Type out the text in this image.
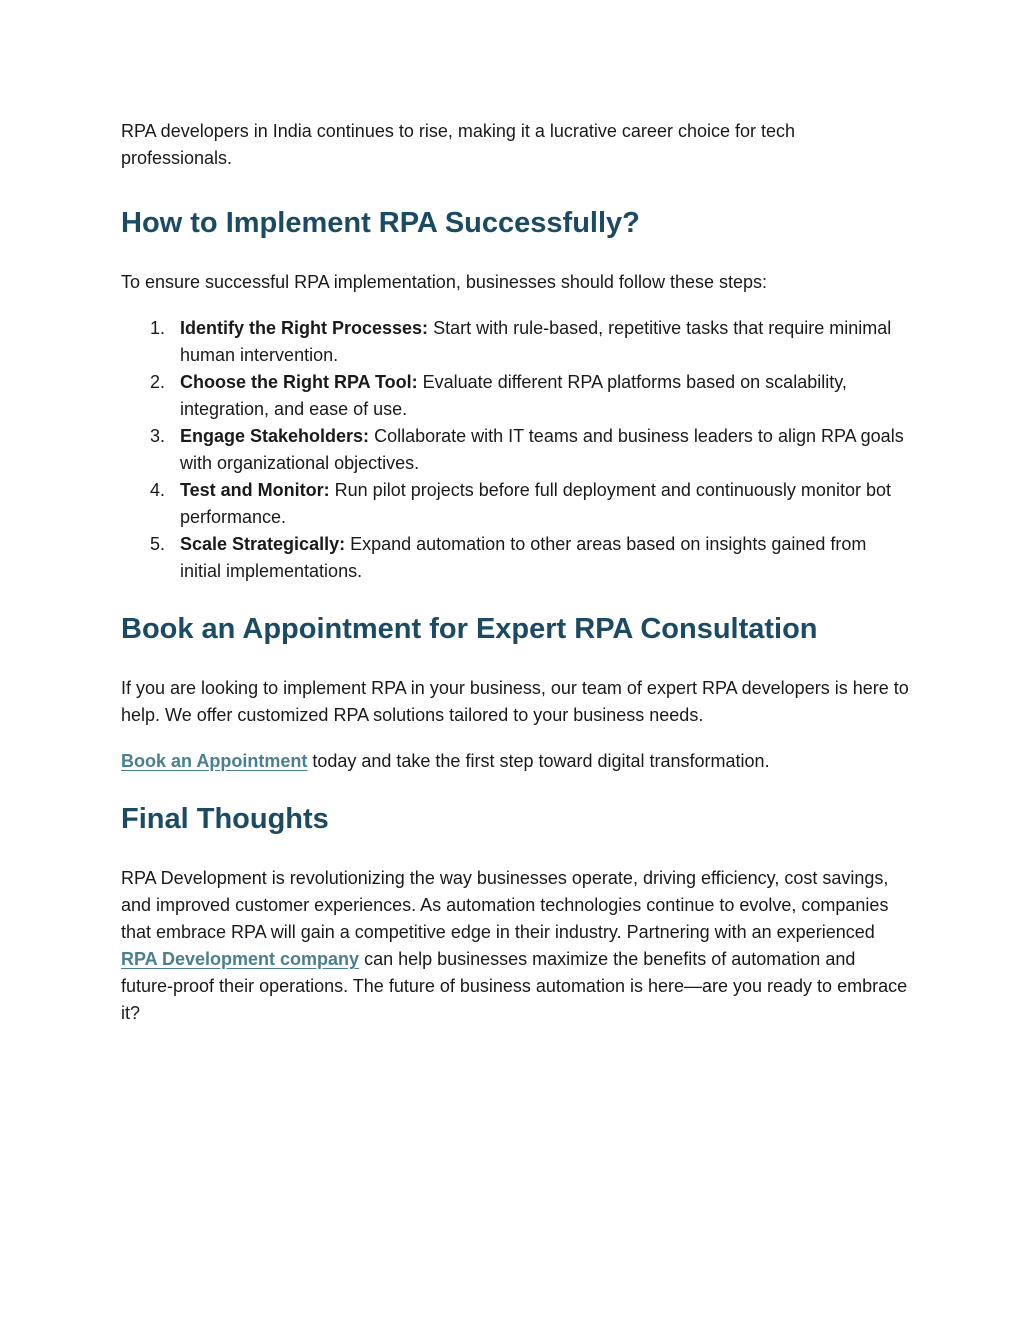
RPA developers in India continues to rise, making it a lucrative career choice for tech professionals.

How to Implement RPA Successfully?

To ensure successful RPA implementation, businesses should follow these steps:

1. Identify the Right Processes: Start with rule-based, repetitive tasks that require minimal human intervention.
2. Choose the Right RPA Tool: Evaluate different RPA platforms based on scalability, integration, and ease of use.
3. Engage Stakeholders: Collaborate with IT teams and business leaders to align RPA goals with organizational objectives.
4. Test and Monitor: Run pilot projects before full deployment and continuously monitor bot performance.
5. Scale Strategically: Expand automation to other areas based on insights gained from initial implementations.
Book an Appointment for Expert RPA Consultation

If you are looking to implement RPA in your business, our team of expert RPA developers is here to help. We offer customized RPA solutions tailored to your business needs.

Book an Appointment today and take the first step toward digital transformation.

Final Thoughts

RPA Development is revolutionizing the way businesses operate, driving efficiency, cost savings, and improved customer experiences. As automation technologies continue to evolve, companies that embrace RPA will gain a competitive edge in their industry. Partnering with an experienced RPA Development company can help businesses maximize the benefits of automation and future-proof their operations. The future of business automation is here—are you ready to embrace it?
